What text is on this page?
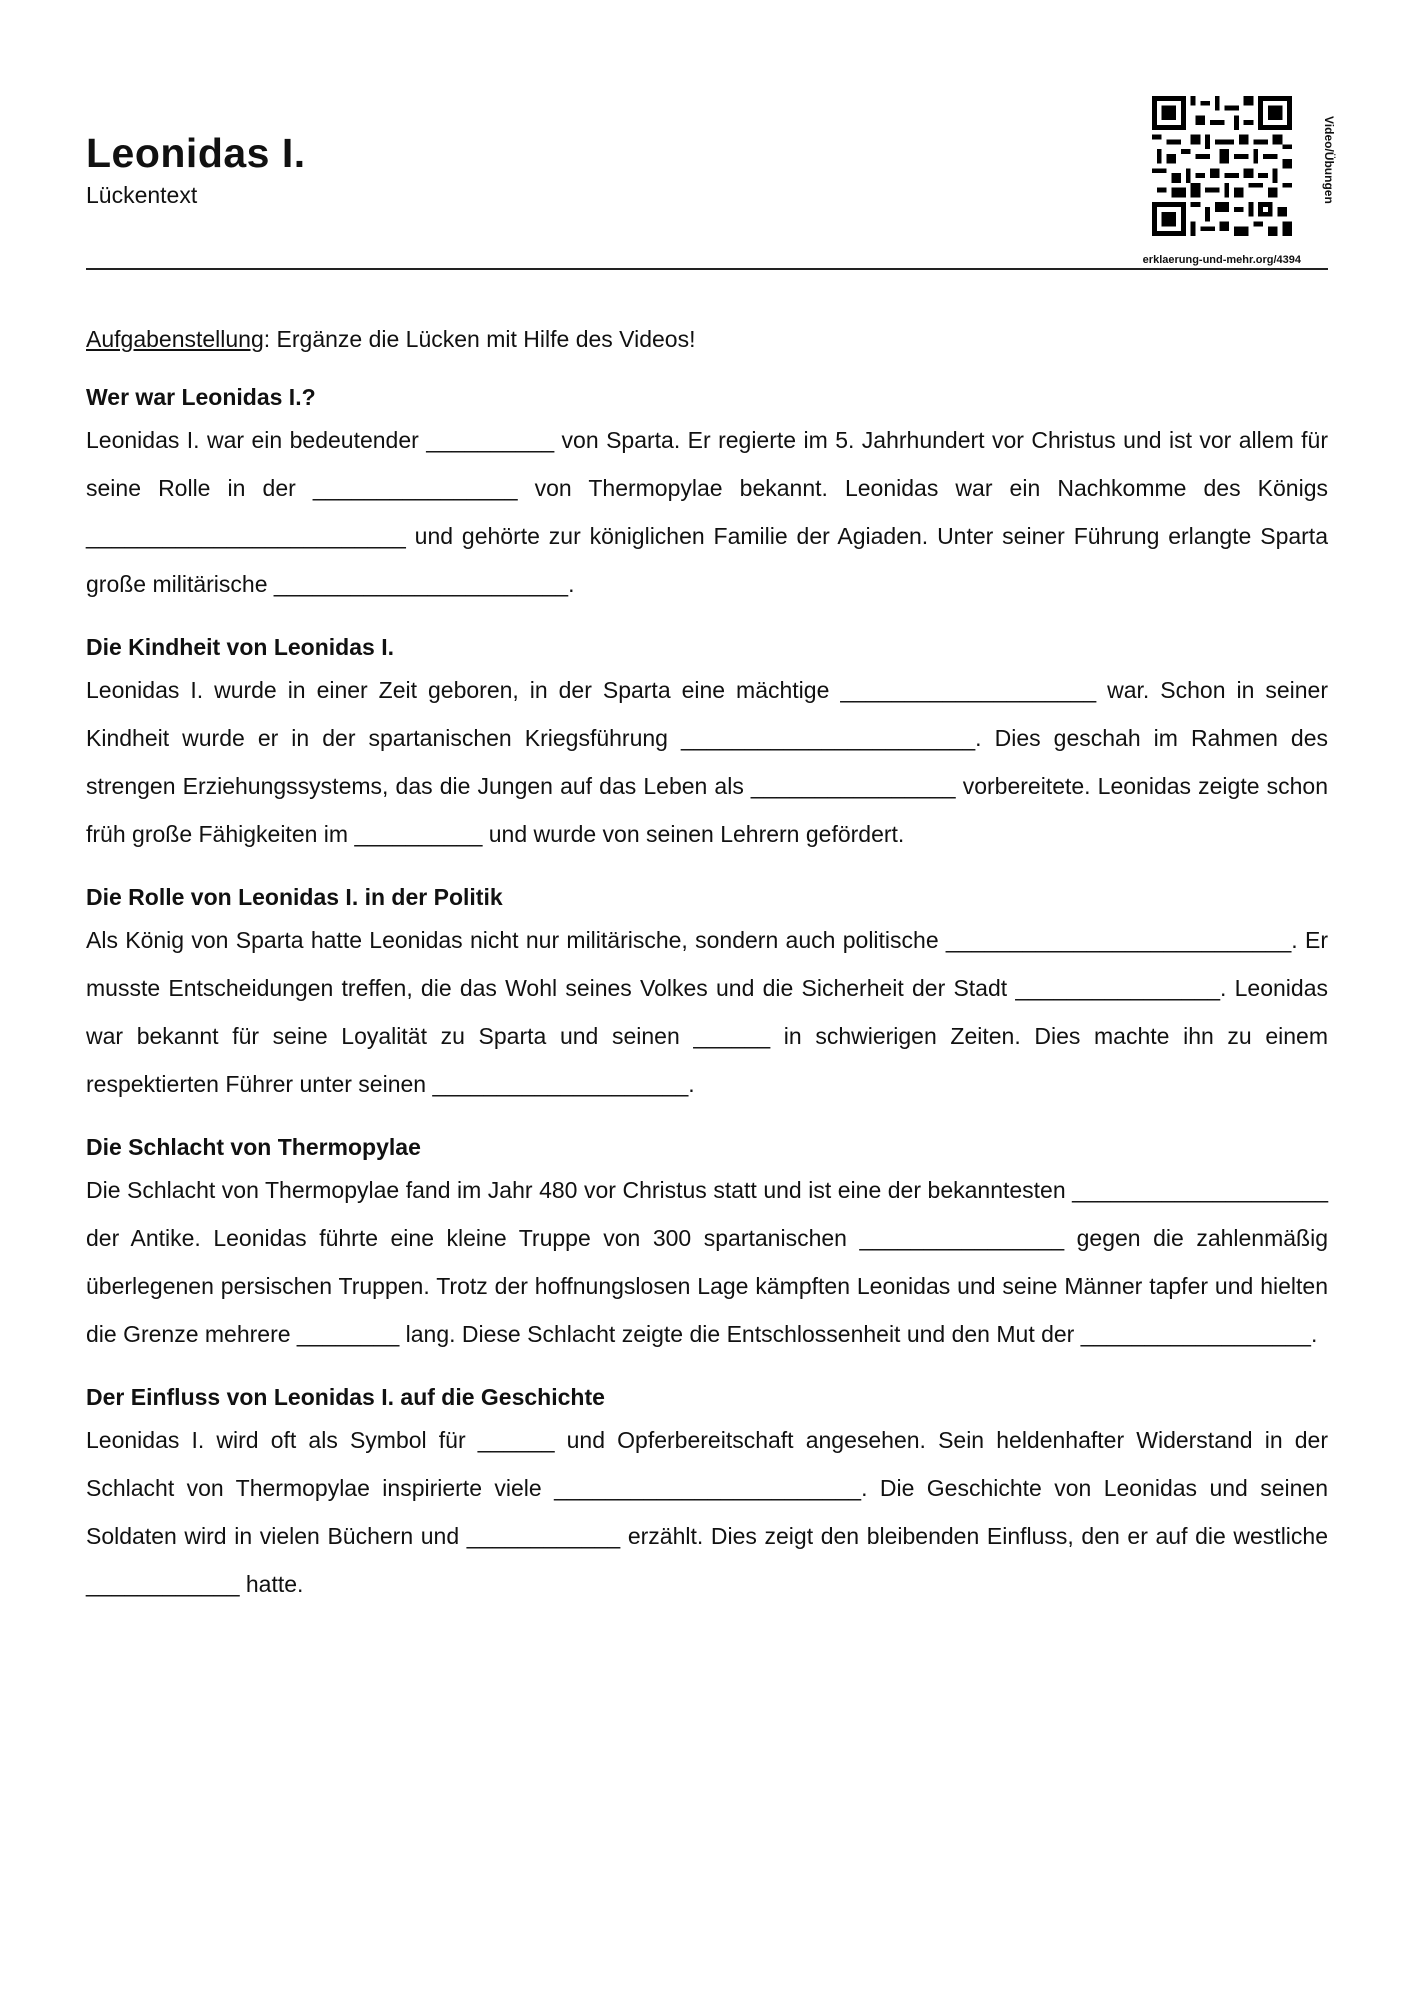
Leonidas I.
Lückentext	Video/Übungen
erklaerung-und-mehr.org/4394
Aufgabenstellung: Ergänze die Lücken mit Hilfe des Videos!
Wer war Leonidas I.?

Leonidas I. war ein bedeutender __________ von Sparta. Er regierte im 5. Jahrhundert vor Christus und ist vor allem für seine Rolle in der ________________ von Thermopylae bekannt. Leonidas war ein Nachkomme des Königs _________________________ und gehörte zur königlichen Familie der Agiaden. Unter seiner Führung erlangte Sparta große militärische _______________________.

Die Kindheit von Leonidas I.

Leonidas I. wurde in einer Zeit geboren, in der Sparta eine mächtige ____________________ war. Schon in seiner Kindheit wurde er in der spartanischen Kriegsführung _______________________. Dies geschah im Rahmen des strengen Erziehungssystems, das die Jungen auf das Leben als ________________ vorbereitete. Leonidas zeigte schon früh große Fähigkeiten im __________ und wurde von seinen Lehrern gefördert.

Die Rolle von Leonidas I. in der Politik

Als König von Sparta hatte Leonidas nicht nur militärische, sondern auch politische ___________________________. Er musste Entscheidungen treffen, die das Wohl seines Volkes und die Sicherheit der Stadt ________________. Leonidas war bekannt für seine Loyalität zu Sparta und seinen ______ in schwierigen Zeiten. Dies machte ihn zu einem respektierten Führer unter seinen ____________________.

Die Schlacht von Thermopylae

Die Schlacht von Thermopylae fand im Jahr 480 vor Christus statt und ist eine der bekanntesten ____________________ der Antike. Leonidas führte eine kleine Truppe von 300 spartanischen ________________ gegen die zahlenmäßig überlegenen persischen Truppen. Trotz der hoffnungslosen Lage kämpften Leonidas und seine Männer tapfer und hielten die Grenze mehrere ________ lang. Diese Schlacht zeigte die Entschlossenheit und den Mut der __________________.

Der Einfluss von Leonidas I. auf die Geschichte

Leonidas I. wird oft als Symbol für ______ und Opferbereitschaft angesehen. Sein heldenhafter Widerstand in der Schlacht von Thermopylae inspirierte viele ________________________. Die Geschichte von Leonidas und seinen Soldaten wird in vielen Büchern und ____________ erzählt. Dies zeigt den bleibenden Einfluss, den er auf die westliche ____________ hatte.
